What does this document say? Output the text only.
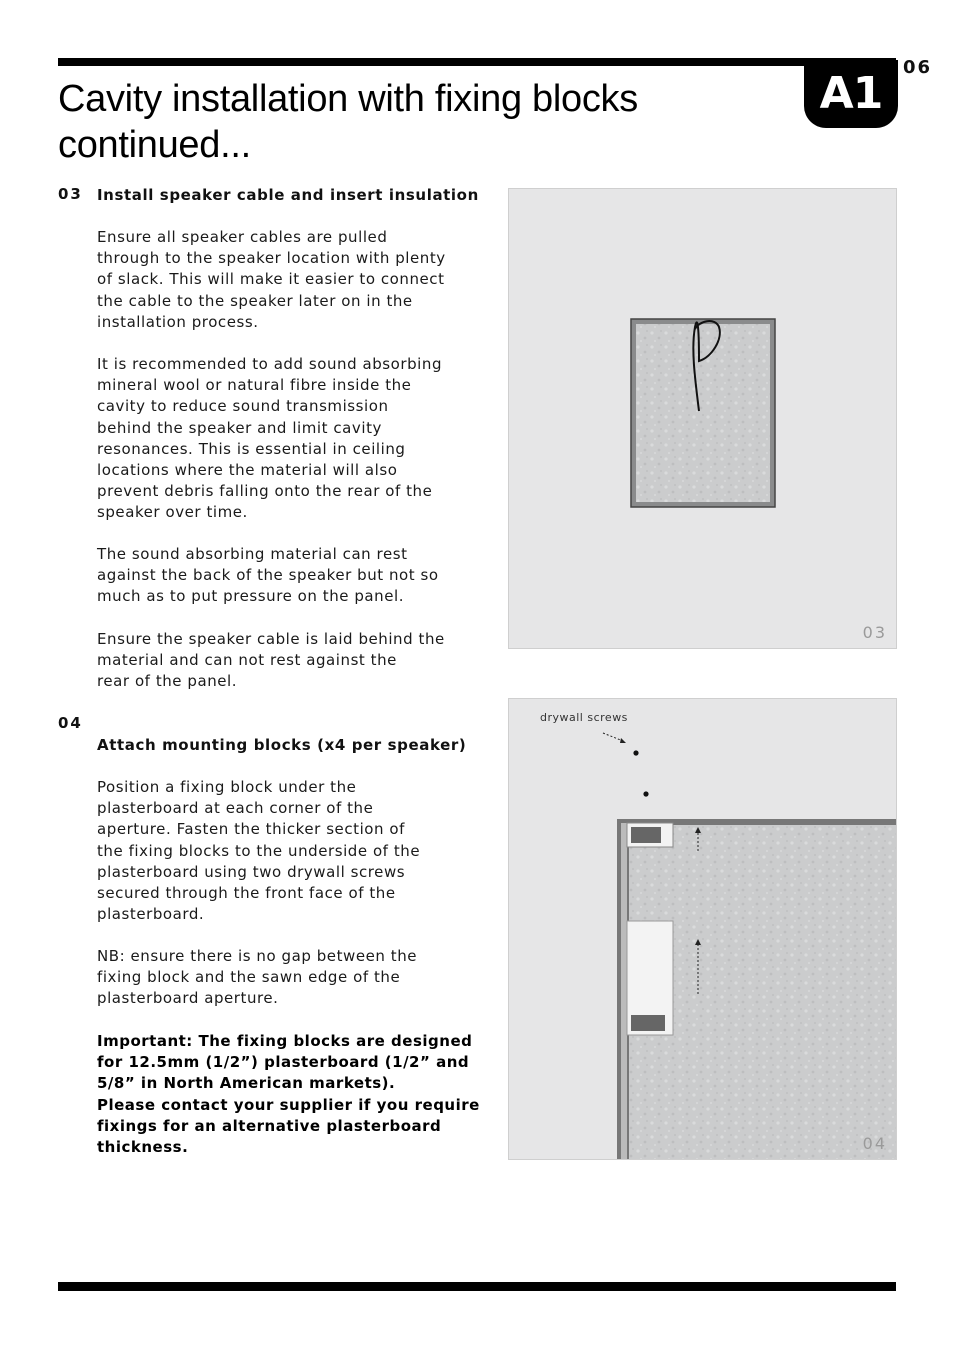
Cavity installation with fixing blocks continued...
A1
06
03 Install speaker cable and insert insulation

Ensure all speaker cables are pulled
through to the speaker location with plenty
of slack. This will make it easier to connect
the cable to the speaker later on in the
installation process.

It is recommended to add sound absorbing
mineral wool or natural fibre inside the
cavity to reduce sound transmission
behind the speaker and limit cavity
resonances. This is essential in ceiling
locations where the material will also
prevent debris falling onto the rear of the
speaker over time.

The sound absorbing material can rest
against the back of the speaker but not so
much as to put pressure on the panel.

Ensure the speaker cable is laid behind the
material and can not rest against the
rear of the panel.

04
Attach mounting blocks (x4 per speaker)

Position a fixing block under the
plasterboard at each corner of the
aperture. Fasten the thicker section of
the fixing blocks to the underside of the
plasterboard using two drywall screws
secured through the front face of the
plasterboard.

NB: ensure there is no gap between the
fixing block and the sawn edge of the
plasterboard aperture.

Important: The fixing blocks are designed
for 12.5mm (1/2”) plasterboard (1/2” and
5/8” in North American markets).
Please contact your supplier if you require
fixings for an alternative plasterboard
thickness.

03
drywall screws
04
